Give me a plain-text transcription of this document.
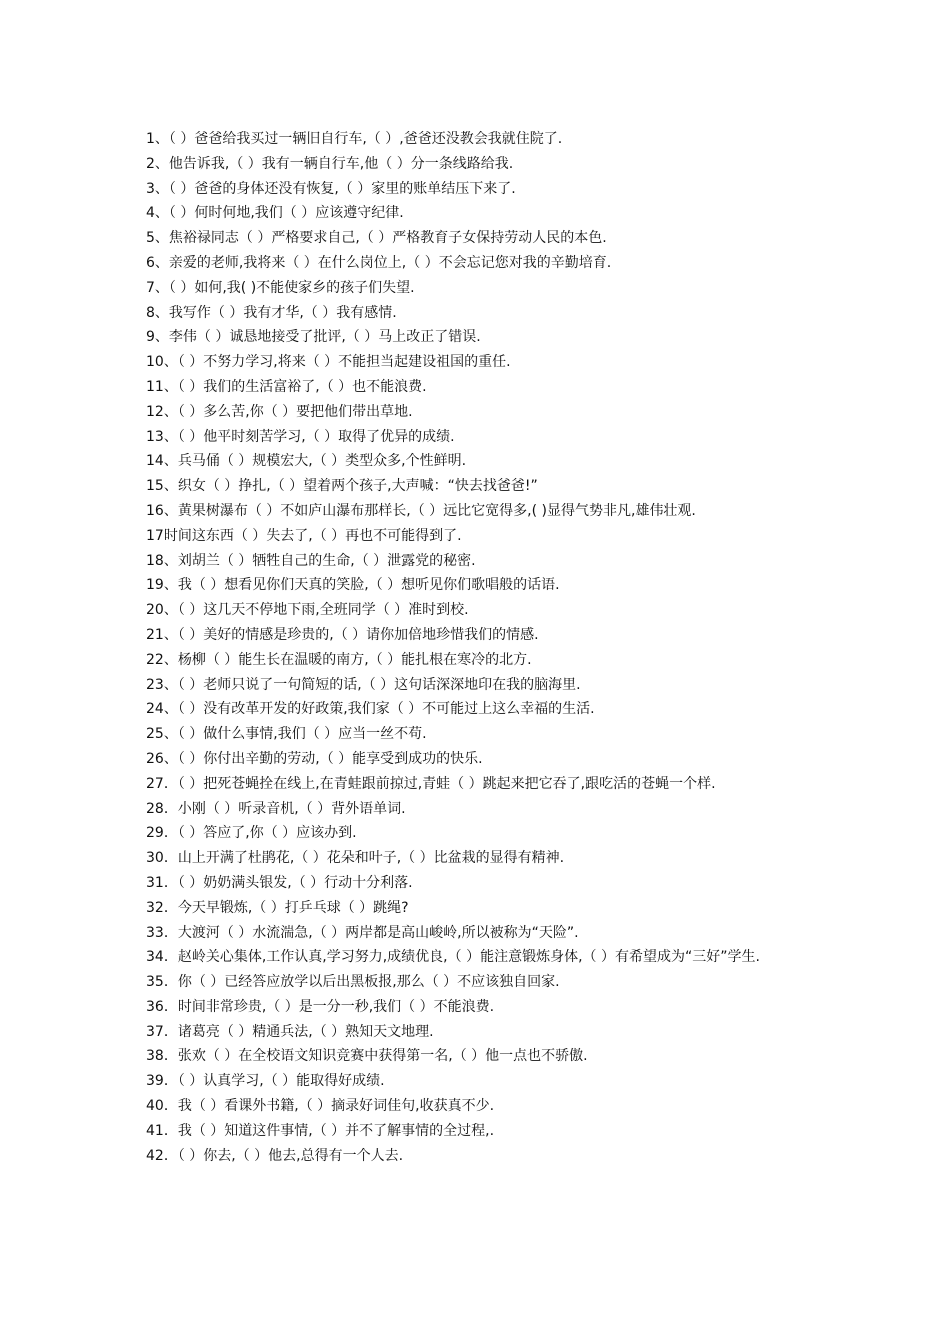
1、（ ）爸爸给我买过一辆旧自行车,（ ）,爸爸还没教会我就住院了.

2、他告诉我,（ ）我有一辆自行车,他（ ）分一条线路给我.

3、（ ）爸爸的身体还没有恢复,（ ）家里的账单结压下来了.

4、（ ）何时何地,我们（ ）应该遵守纪律.

5、焦裕禄同志（ ）严格要求自己,（ ）严格教育子女保持劳动人民的本色.

6、亲爱的老师,我将来（ ）在什么岗位上,（ ）不会忘记您对我的辛勤培育.

7、（ ）如何,我( )不能使家乡的孩子们失望.

8、我写作（ ）我有才华,（ ）我有感情.

9、李伟（ ）诚恳地接受了批评,（ ）马上改正了错误.

10、（ ）不努力学习,将来（ ）不能担当起建设祖国的重任.

11、（ ）我们的生活富裕了,（ ）也不能浪费.

12、（ ）多么苦,你（ ）要把他们带出草地.

13、（ ）他平时刻苦学习,（ ）取得了优异的成绩.

14、兵马俑（ ）规模宏大,（ ）类型众多,个性鲜明.

15、织女（ ）挣扎,（ ）望着两个孩子,大声喊：“快去找爸爸!”

16、黄果树瀑布（ ）不如庐山瀑布那样长,（ ）远比它宽得多,( )显得气势非凡,雄伟壮观.

17时间这东西（ ）失去了,（ ）再也不可能得到了.

18、刘胡兰（ ）牺牲自己的生命,（ ）泄露党的秘密.

19、我（ ）想看见你们天真的笑脸,（ ）想听见你们歌唱般的话语.

20、（ ）这几天不停地下雨,全班同学（ ）准时到校.

21、（ ）美好的情感是珍贵的,（ ）请你加倍地珍惜我们的情感.

22、杨柳（ ）能生长在温暖的南方,（ ）能扎根在寒冷的北方.

23、（ ）老师只说了一句简短的话,（ ）这句话深深地印在我的脑海里.

24、（ ）没有改革开发的好政策,我们家（ ）不可能过上这么幸福的生活.

25、（ ）做什么事情,我们（ ）应当一丝不苟.

26、（ ）你付出辛勤的劳动,（ ）能享受到成功的快乐.

27．（ ）把死苍蝇拴在线上,在青蛙跟前掠过,青蛙（ ）跳起来把它吞了,跟吃活的苍蝇一个样.

28．小刚（ ）听录音机,（ ）背外语单词.

29．（ ）答应了,你（ ）应该办到.

30．山上开满了杜鹃花,（ ）花朵和叶子,（ ）比盆栽的显得有精神.

31．（ ）奶奶满头银发,（ ）行动十分利落.

32．今天早锻炼,（ ）打乒乓球（ ）跳绳?

33．大渡河（ ）水流湍急,（ ）两岸都是高山峻岭,所以被称为“天险”.

34．赵岭关心集体,工作认真,学习努力,成绩优良,（ ）能注意锻炼身体,（ ）有希望成为“三好”学生.

35．你（ ）已经答应放学以后出黑板报,那么（ ）不应该独自回家.

36．时间非常珍贵,（ ）是一分一秒,我们（ ）不能浪费.

37．诸葛亮（ ）精通兵法,（ ）熟知天文地理.

38．张欢（ ）在全校语文知识竞赛中获得第一名,（ ）他一点也不骄傲.

39．（ ）认真学习,（ ）能取得好成绩.

40．我（ ）看课外书籍,（ ）摘录好词佳句,收获真不少.

41．我（ ）知道这件事情,（ ）并不了解事情的全过程,.

42．（ ）你去,（ ）他去,总得有一个人去.
